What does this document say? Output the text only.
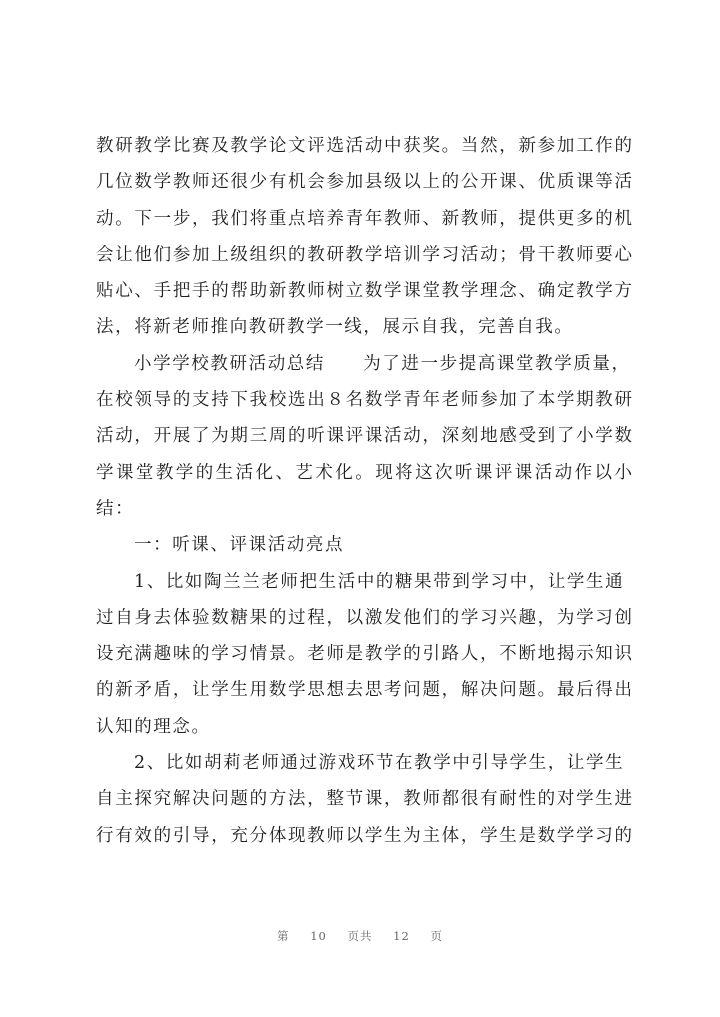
教研教学比赛及教学论文评选活动中获奖。当然，新参加工作的
几位数学教师还很少有机会参加县级以上的公开课、优质课等活
动。下一步，我们将重点培养青年教师、新教师，提供更多的机
会让他们参加上级组织的教研教学培训学习活动；骨干教师要心
贴心、手把手的帮助新教师树立数学课堂教学理念、确定教学方
法，将新老师推向教研教学一线，展示自我，完善自我。
小学学校教研活动总结　　为了进一步提高课堂教学质量，
在校领导的支持下我校选出８名数学青年老师参加了本学期教研
活动，开展了为期三周的听课评课活动，深刻地感受到了小学数
学课堂教学的生活化、艺术化。现将这次听课评课活动作以小
结：
一：听课、评课活动亮点
1、比如陶兰兰老师把生活中的糖果带到学习中，让学生通
过自身去体验数糖果的过程，以激发他们的学习兴趣，为学习创
设充满趣味的学习情景。老师是教学的引路人，不断地揭示知识
的新矛盾，让学生用数学思想去思考问题，解决问题。最后得出
认知的理念。
2、比如胡莉老师通过游戏环节在教学中引导学生，让学生
自主探究解决问题的方法，整节课，教师都很有耐性的对学生进
行有效的引导，充分体现教师以学生为主体，学生是数学学习的
第 10 页共 12 页
